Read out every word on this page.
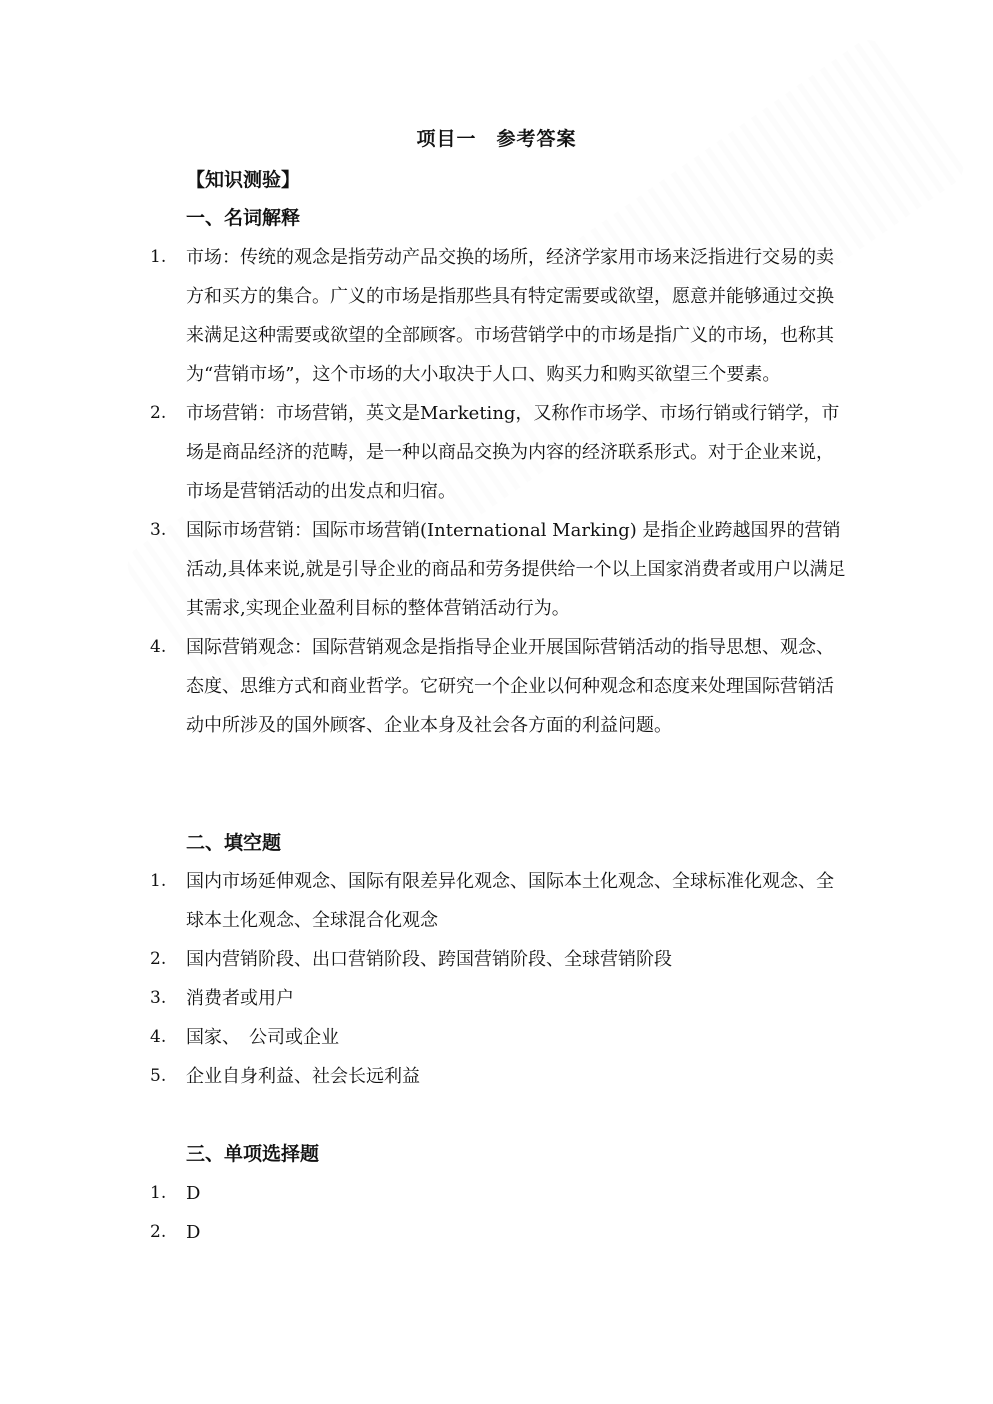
项目一　参考答案
【知识测验】
一、名词解释
1.	市场：传统的观念是指劳动产品交换的场所，经济学家用市场来泛指进行交易的卖方和买方的集合。广义的市场是指那些具有特定需要或欲望，愿意并能够通过交换来满足这种需要或欲望的全部顾客。市场营销学中的市场是指广义的市场，也称其为“营销市场”，这个市场的大小取决于人口、购买力和购买欲望三个要素。
2.	市场营销：市场营销，英文是Marketing，又称作市场学、市场行销或行销学，市场是商品经济的范畴，是一种以商品交换为内容的经济联系形式。对于企业来说，市场是营销活动的出发点和归宿。
3.	国际市场营销：国际市场营销(International Marking) 是指企业跨越国界的营销活动,具体来说,就是引导企业的商品和劳务提供给一个以上国家消费者或用户以满足其需求,实现企业盈利目标的整体营销活动行为。
4.	国际营销观念：国际营销观念是指指导企业开展国际营销活动的指导思想、观念、态度、思维方式和商业哲学。它研究一个企业以何种观念和态度来处理国际营销活动中所涉及的国外顾客、企业本身及社会各方面的利益问题。
二、填空题
1.	国内市场延伸观念、国际有限差异化观念、国际本土化观念、全球标准化观念、全球本土化观念、全球混合化观念
2.	国内营销阶段、出口营销阶段、跨国营销阶段、全球营销阶段
3.	消费者或用户
4.	国家、　公司或企业
5.	企业自身利益、社会长远利益
三、单项选择题
1.	D
2.	D
